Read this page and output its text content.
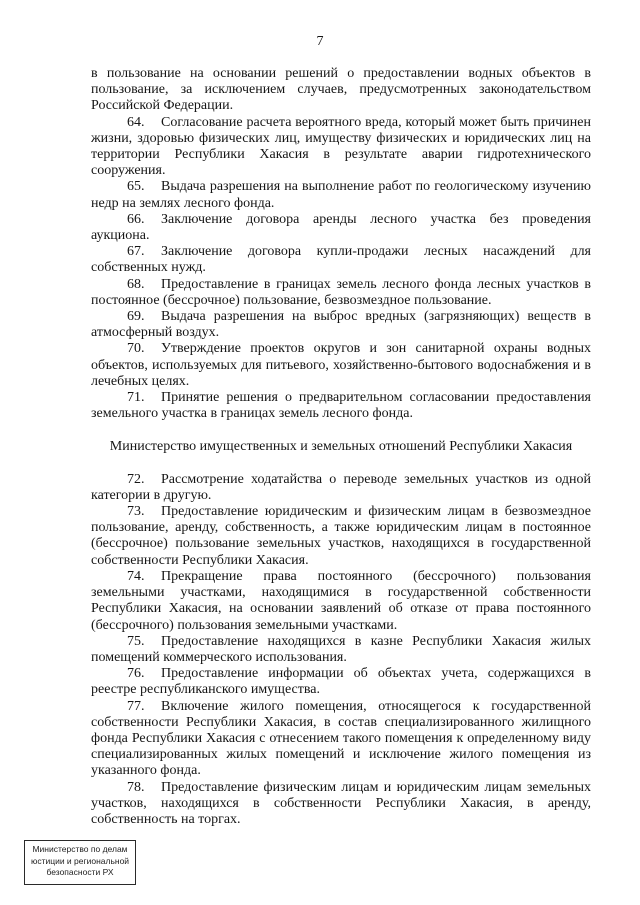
7

в пользование на основании решений о предоставлении водных объектов в пользование, за исключением случаев, предусмотренных законодательством Российской Федерации.

64. Согласование расчета вероятного вреда, который может быть причинен жизни, здоровью физических лиц, имуществу физических и юридических лиц на территории Республики Хакасия в результате аварии гидротехнического сооружения.

65. Выдача разрешения на выполнение работ по геологическому изучению недр на землях лесного фонда.

66. Заключение договора аренды лесного участка без проведения аукциона.

67. Заключение договора купли-продажи лесных насаждений для собственных нужд.

68. Предоставление в границах земель лесного фонда лесных участков в постоянное (бессрочное) пользование, безвозмездное пользование.

69. Выдача разрешения на выброс вредных (загрязняющих) веществ в атмосферный воздух.

70. Утверждение проектов округов и зон санитарной охраны водных объектов, используемых для питьевого, хозяйственно-бытового водоснабжения и в лечебных целях.

71. Принятие решения о предварительном согласовании предоставления земельного участка в границах земель лесного фонда.

Министерство имущественных и земельных отношений Республики Хакасия

72. Рассмотрение ходатайства о переводе земельных участков из одной категории в другую.

73. Предоставление юридическим и физическим лицам в безвозмездное пользование, аренду, собственность, а также юридическим лицам в постоянное (бессрочное) пользование земельных участков, находящихся в государственной собственности Республики Хакасия.

74. Прекращение права постоянного (бессрочного) пользования земельными участками, находящимися в государственной собственности Республики Хакасия, на основании заявлений об отказе от права постоянного (бессрочного) пользования земельными участками.

75. Предоставление находящихся в казне Республики Хакасия жилых помещений коммерческого использования.

76. Предоставление информации об объектах учета, содержащихся в реестре республиканского имущества.

77. Включение жилого помещения, относящегося к государственной собственности Республики Хакасия, в состав специализированного жилищного фонда Республики Хакасия с отнесением такого помещения к определенному виду специализированных жилых помещений и исключение жилого помещения из указанного фонда.

78. Предоставление физическим лицам и юридическим лицам земельных участков, находящихся в собственности Республики Хакасия, в аренду, собственность на торгах.

Министерство по делам
юстиции и региональной
безопасности РХ
